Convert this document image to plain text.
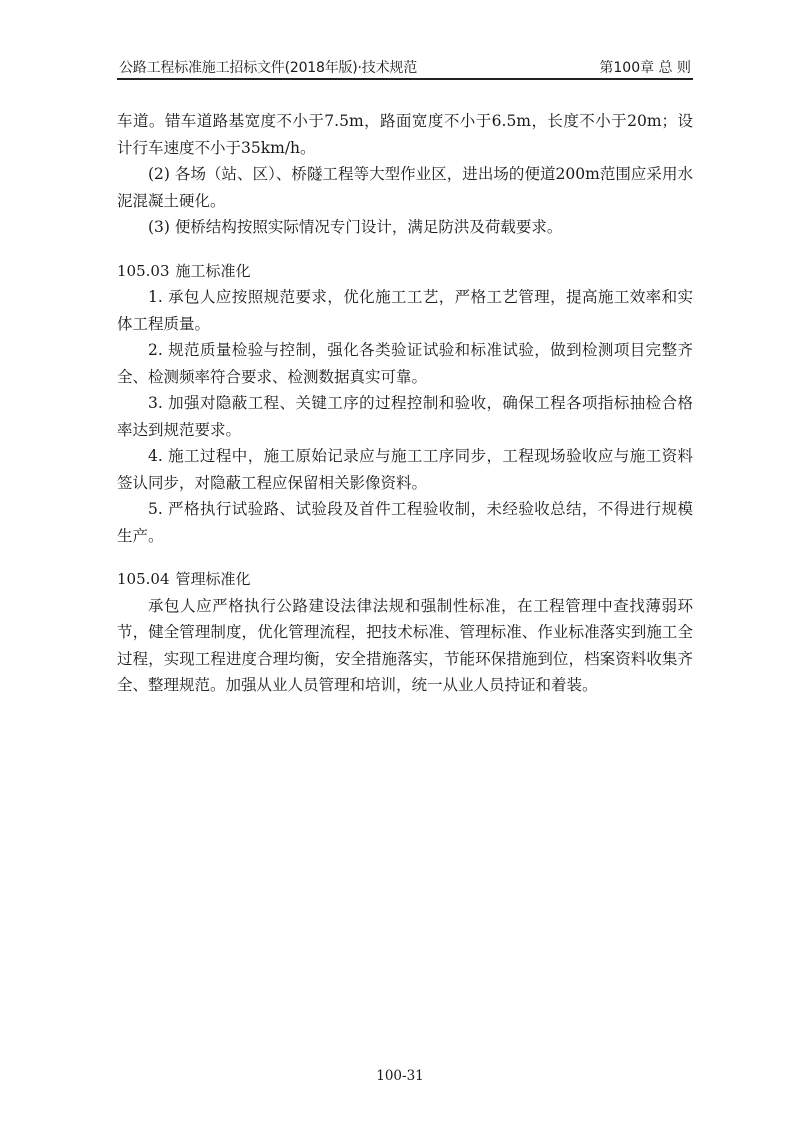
公路工程标准施工招标文件(2018年版)·技术规范	第100章 总 则

车道。错车道路基宽度不小于7.5m，路面宽度不小于6.5m，长度不小于20m；设计行车速度不小于35km/h。

(2) 各场（站、区）、桥隧工程等大型作业区，进出场的便道200m范围应采用水泥混凝土硬化。

(3) 便桥结构按照实际情况专门设计，满足防洪及荷载要求。

105.03 施工标准化

1. 承包人应按照规范要求，优化施工工艺，严格工艺管理，提高施工效率和实体工程质量。

2. 规范质量检验与控制，强化各类验证试验和标准试验，做到检测项目完整齐全、检测频率符合要求、检测数据真实可靠。

3. 加强对隐蔽工程、关键工序的过程控制和验收，确保工程各项指标抽检合格率达到规范要求。

4. 施工过程中，施工原始记录应与施工工序同步，工程现场验收应与施工资料签认同步，对隐蔽工程应保留相关影像资料。

5. 严格执行试验路、试验段及首件工程验收制，未经验收总结，不得进行规模生产。

105.04 管理标准化

承包人应严格执行公路建设法律法规和强制性标准，在工程管理中查找薄弱环节，健全管理制度，优化管理流程，把技术标准、管理标准、作业标准落实到施工全过程，实现工程进度合理均衡，安全措施落实，节能环保措施到位，档案资料收集齐全、整理规范。加强从业人员管理和培训，统一从业人员持证和着装。

100-31
